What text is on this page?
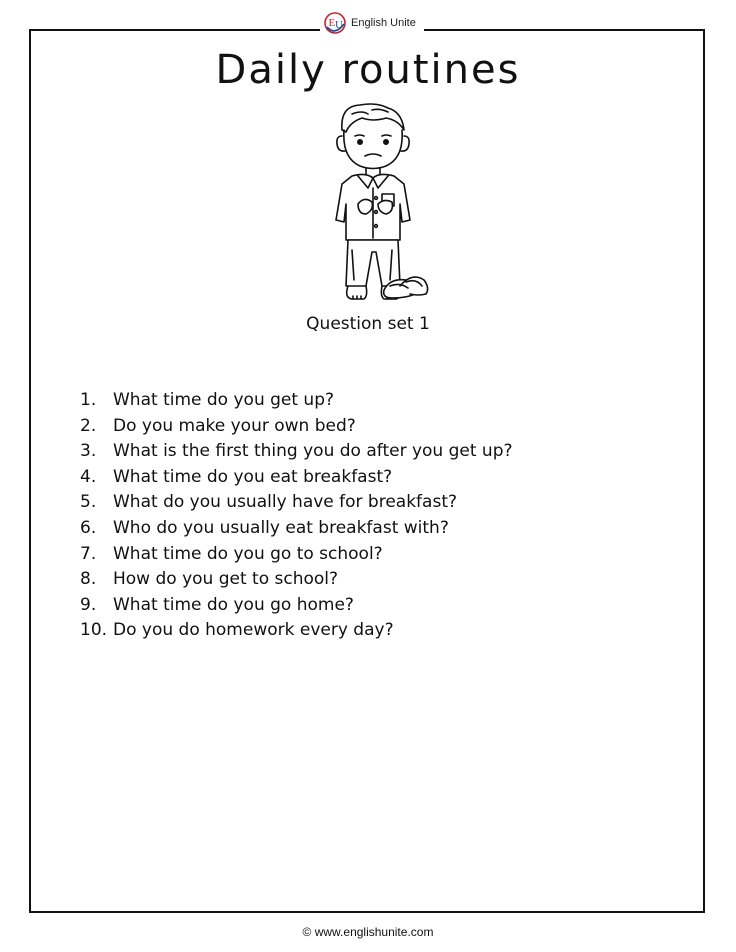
E U English Unite
Daily routines
Question set 1
1. What time do you get up?
2. Do you make your own bed?
3. What is the first thing you do after you get up?
4. What time do you eat breakfast?
5. What do you usually have for breakfast?
6. Who do you usually eat breakfast with?
7. What time do you go to school?
8. How do you get to school?
9. What time do you go home?
10. Do you do homework every day?
© www.englishunite.com
